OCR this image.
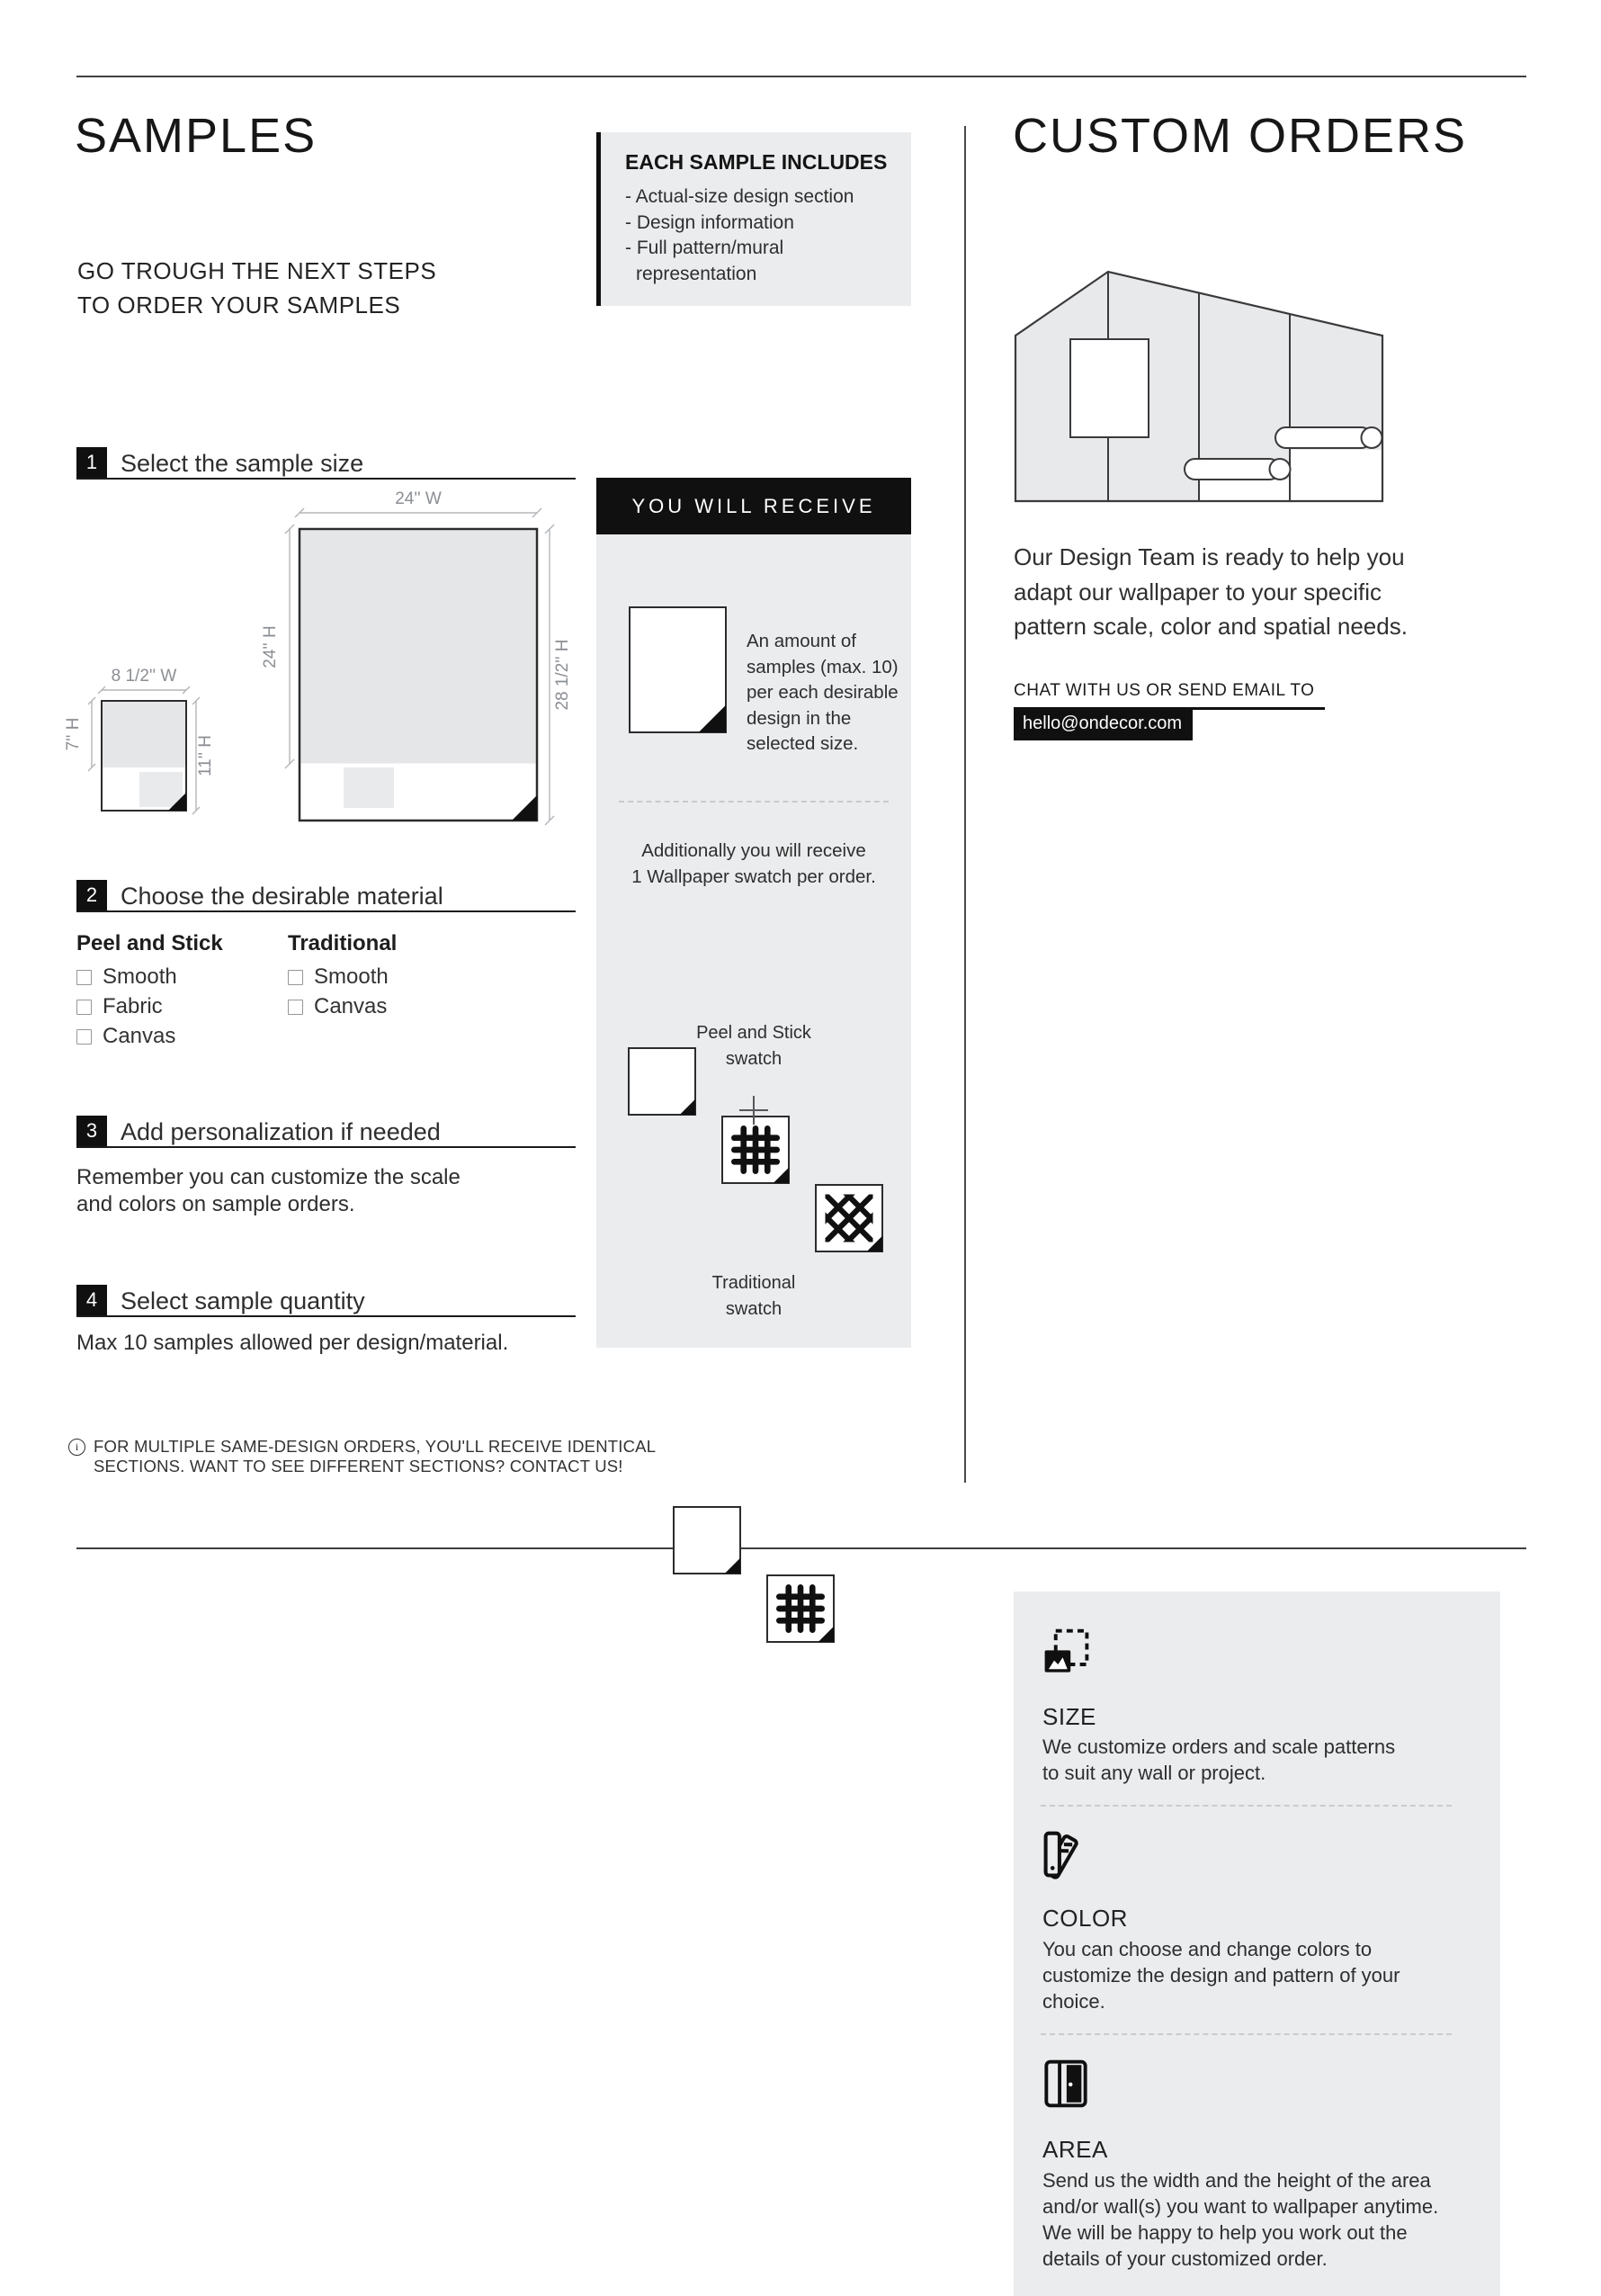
SAMPLES
GO TROUGH THE NEXT STEPS
TO ORDER YOUR SAMPLES
1 Select the sample size
24'' W
24'' H	28 1/2'' H
8 1/2'' W
7'' H
11'' H
2 Choose the desirable material
Peel and Stick
Smooth
Fabric
Canvas
Traditional
Smooth
Canvas
3 Add personalization if needed
Remember you can customize the scale
and colors on sample orders.
4 Select sample quantity
Max 10 samples allowed per design/material.
i FOR MULTIPLE SAME-DESIGN ORDERS, YOU'LL RECEIVE IDENTICAL
SECTIONS. WANT TO SEE DIFFERENT SECTIONS? CONTACT US!
EACH SAMPLE INCLUDES
- Actual-size design section
- Design information
- Full pattern/mural
representation
YOU WILL RECEIVE
An amount of
samples (max. 10)
per each desirable
design in the
selected size.
Additionally you will receive
1 Wallpaper swatch per order.
Peel and Stick
swatch
Traditional
swatch
CUSTOM ORDERS
Our Design Team is ready to help you
adapt our wallpaper to your specific
pattern scale, color and spatial needs.
CHAT WITH US OR SEND EMAIL TO
hello@ondecor.com
SIZE
We customize orders and scale patterns
to suit any wall or project.
COLOR
You can choose and change colors to
customize the design and pattern of your
choice.
AREA
Send us the width and the height of the area
and/or wall(s) you want to wallpaper anytime.
We will be happy to help you work out the
details of your customized order.
